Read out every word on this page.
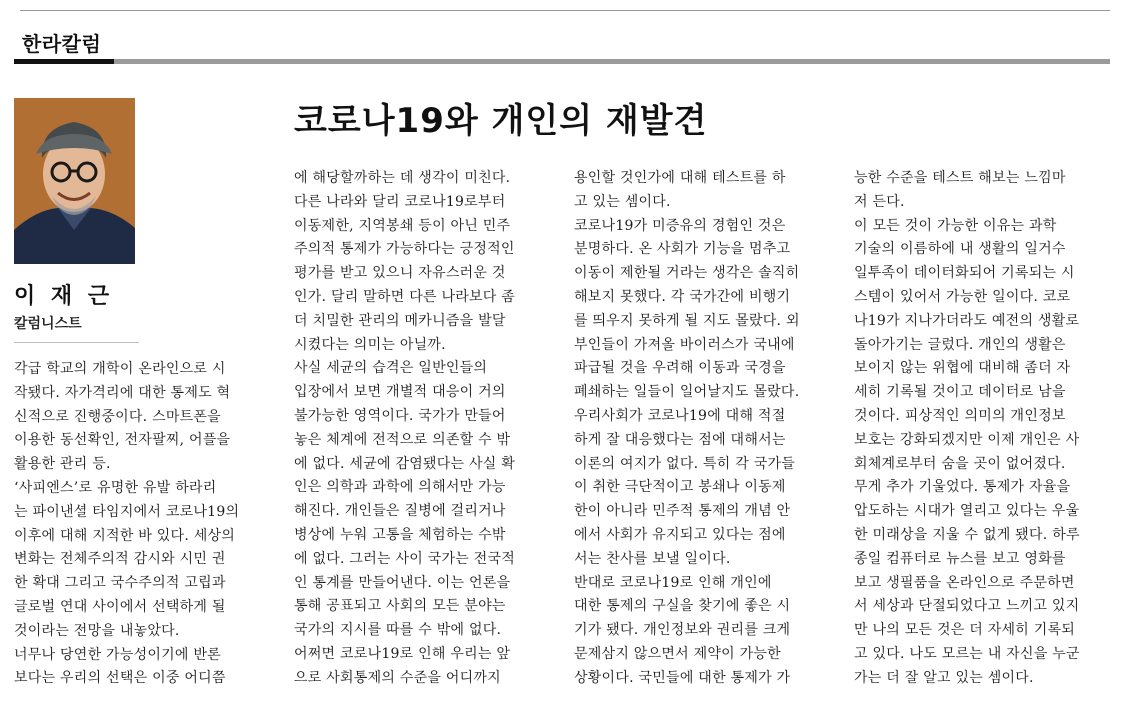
한라칼럼
이 재 근
칼럼니스트
코로나19와 개인의 재발견

각급 학교의 개학이 온라인으로 시

작됐다. 자가격리에 대한 통제도 혁

신적으로 진행중이다. 스마트폰을

이용한 동선확인, 전자팔찌, 어플을

활용한 관리 등.

‘사피엔스’로 유명한 유발 하라리

는 파이낸셜 타임지에서 코로나19의

이후에 대해 지적한 바 있다. 세상의

변화는 전체주의적 감시와 시민 권

한 확대 그리고 국수주의적 고립과

글로벌 연대 사이에서 선택하게 될

것이라는 전망을 내놓았다.

너무나 당연한 가능성이기에 반론

보다는 우리의 선택은 이중 어디쯤

에 해당할까하는 데 생각이 미친다.

다른 나라와 달리 코로나19로부터

이동제한, 지역봉쇄 등이 아닌 민주

주의적 통제가 가능하다는 긍정적인

평가를 받고 있으니 자유스러운 것

인가. 달리 말하면 다른 나라보다 좀

더 치밀한 관리의 메카니즘을 발달

시켰다는 의미는 아닐까.

사실 세균의 습격은 일반인들의

입장에서 보면 개별적 대응이 거의

불가능한 영역이다. 국가가 만들어

놓은 체계에 전적으로 의존할 수 밖

에 없다. 세균에 감염됐다는 사실 확

인은 의학과 과학에 의해서만 가능

해진다. 개인들은 질병에 걸리거나

병상에 누워 고통을 체험하는 수밖

에 없다. 그러는 사이 국가는 전국적

인 통계를 만들어낸다. 이는 언론을

통해 공표되고 사회의 모든 분야는

국가의 지시를 따를 수 밖에 없다.

어쩌면 코로나19로 인해 우리는 앞

으로 사회통제의 수준을 어디까지

용인할 것인가에 대해 테스트를 하

고 있는 셈이다.

코로나19가 미증유의 경험인 것은

분명하다. 온 사회가 기능을 멈추고

이동이 제한될 거라는 생각은 솔직히

해보지 못했다. 각 국가간에 비행기

를 띄우지 못하게 될 지도 몰랐다. 외

부인들이 가져올 바이러스가 국내에

파급될 것을 우려해 이동과 국경을

폐쇄하는 일들이 일어날지도 몰랐다.

우리사회가 코로나19에 대해 적절

하게 잘 대응했다는 점에 대해서는

이론의 여지가 없다. 특히 각 국가들

이 취한 극단적이고 봉쇄나 이동제

한이 아니라 민주적 통제의 개념 안

에서 사회가 유지되고 있다는 점에

서는 찬사를 보낼 일이다.

반대로 코로나19로 인해 개인에

대한 통제의 구실을 찾기에 좋은 시

기가 됐다. 개인정보와 권리를 크게

문제삼지 않으면서 제약이 가능한

상황이다. 국민들에 대한 통제가 가

능한 수준을 테스트 해보는 느낌마

저 든다.

이 모든 것이 가능한 이유는 과학

기술의 이름하에 내 생활의 일거수

일투족이 데이터화되어 기록되는 시

스템이 있어서 가능한 일이다. 코로

나19가 지나가더라도 예전의 생활로

돌아가기는 글렀다. 개인의 생활은

보이지 않는 위협에 대비해 좀더 자

세히 기록될 것이고 데이터로 남을

것이다. 피상적인 의미의 개인정보

보호는 강화되겠지만 이제 개인은 사

회체계로부터 숨을 곳이 없어졌다.

무게 추가 기울었다. 통제가 자율을

압도하는 시대가 열리고 있다는 우울

한 미래상을 지울 수 없게 됐다. 하루

종일 컴퓨터로 뉴스를 보고 영화를

보고 생필품을 온라인으로 주문하면

서 세상과 단절되었다고 느끼고 있지

만 나의 모든 것은 더 자세히 기록되

고 있다. 나도 모르는 내 자신을 누군

가는 더 잘 알고 있는 셈이다.
